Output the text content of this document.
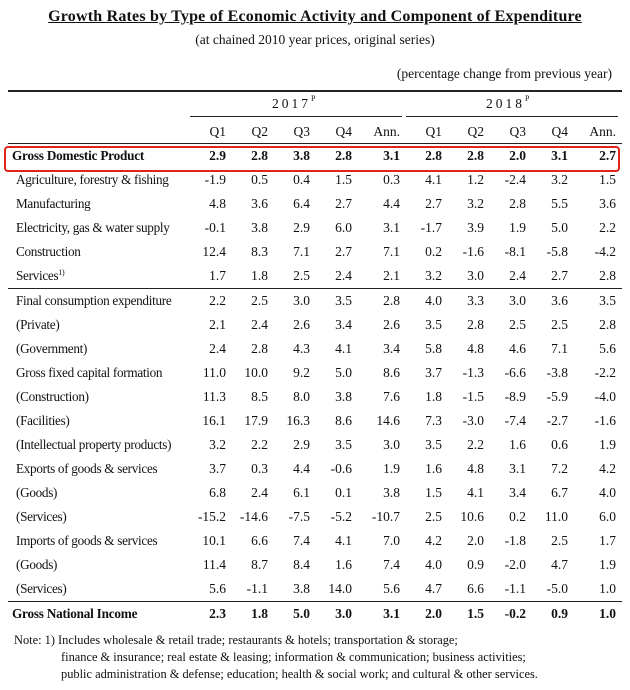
Growth Rates by Type of Economic Activity and Component of Expenditure
(at chained 2010 year prices, original series)
(percentage change from previous year)
$2017^P$	$2018^P$
	Q1	Q2	Q3	Q4	Ann.	Q1	Q2	Q3	Q4	Ann.
Gross Domestic Product	2.9	2.8	3.8	2.8	3.1	2.8	2.8	2.0	3.1	2.7
Agriculture, forestry & fishing	-1.9	0.5	0.4	1.5	0.3	4.1	1.2	-2.4	3.2	1.5
Manufacturing	4.8	3.6	6.4	2.7	4.4	2.7	3.2	2.8	5.5	3.6
Electricity, gas & water supply	-0.1	3.8	2.9	6.0	3.1	-1.7	3.9	1.9	5.0	2.2
Construction	12.4	8.3	7.1	2.7	7.1	0.2	-1.6	-8.1	-5.8	-4.2
Services$^{1)}$	1.7	1.8	2.5	2.4	2.1	3.2	3.0	2.4	2.7	2.8
Final consumption expenditure	2.2	2.5	3.0	3.5	2.8	4.0	3.3	3.0	3.6	3.5
(Private)	2.1	2.4	2.6	3.4	2.6	3.5	2.8	2.5	2.5	2.8
(Government)	2.4	2.8	4.3	4.1	3.4	5.8	4.8	4.6	7.1	5.6
Gross fixed capital formation	11.0	10.0	9.2	5.0	8.6	3.7	-1.3	-6.6	-3.8	-2.2
(Construction)	11.3	8.5	8.0	3.8	7.6	1.8	-1.5	-8.9	-5.9	-4.0
(Facilities)	16.1	17.9	16.3	8.6	14.6	7.3	-3.0	-7.4	-2.7	-1.6
(Intellectual property products)	3.2	2.2	2.9	3.5	3.0	3.5	2.2	1.6	0.6	1.9
Exports of goods & services	3.7	0.3	4.4	-0.6	1.9	1.6	4.8	3.1	7.2	4.2
(Goods)	6.8	2.4	6.1	0.1	3.8	1.5	4.1	3.4	6.7	4.0
(Services)	-15.2	-14.6	-7.5	-5.2	-10.7	2.5	10.6	0.2	11.0	6.0
Imports of goods & services	10.1	6.6	7.4	4.1	7.0	4.2	2.0	-1.8	2.5	1.7
(Goods)	11.4	8.7	8.4	1.6	7.4	4.0	0.9	-2.0	4.7	1.9
(Services)	5.6	-1.1	3.8	14.0	5.6	4.7	6.6	-1.1	-5.0	1.0
Gross National Income	2.3	1.8	5.0	3.0	3.1	2.0	1.5	-0.2	0.9	1.0
Note: 1) Includes wholesale & retail trade; restaurants & hotels; transportation & storage;
finance & insurance; real estate & leasing; information & communication; business activities;
public administration & defense; education; health & social work; and cultural & other services.
